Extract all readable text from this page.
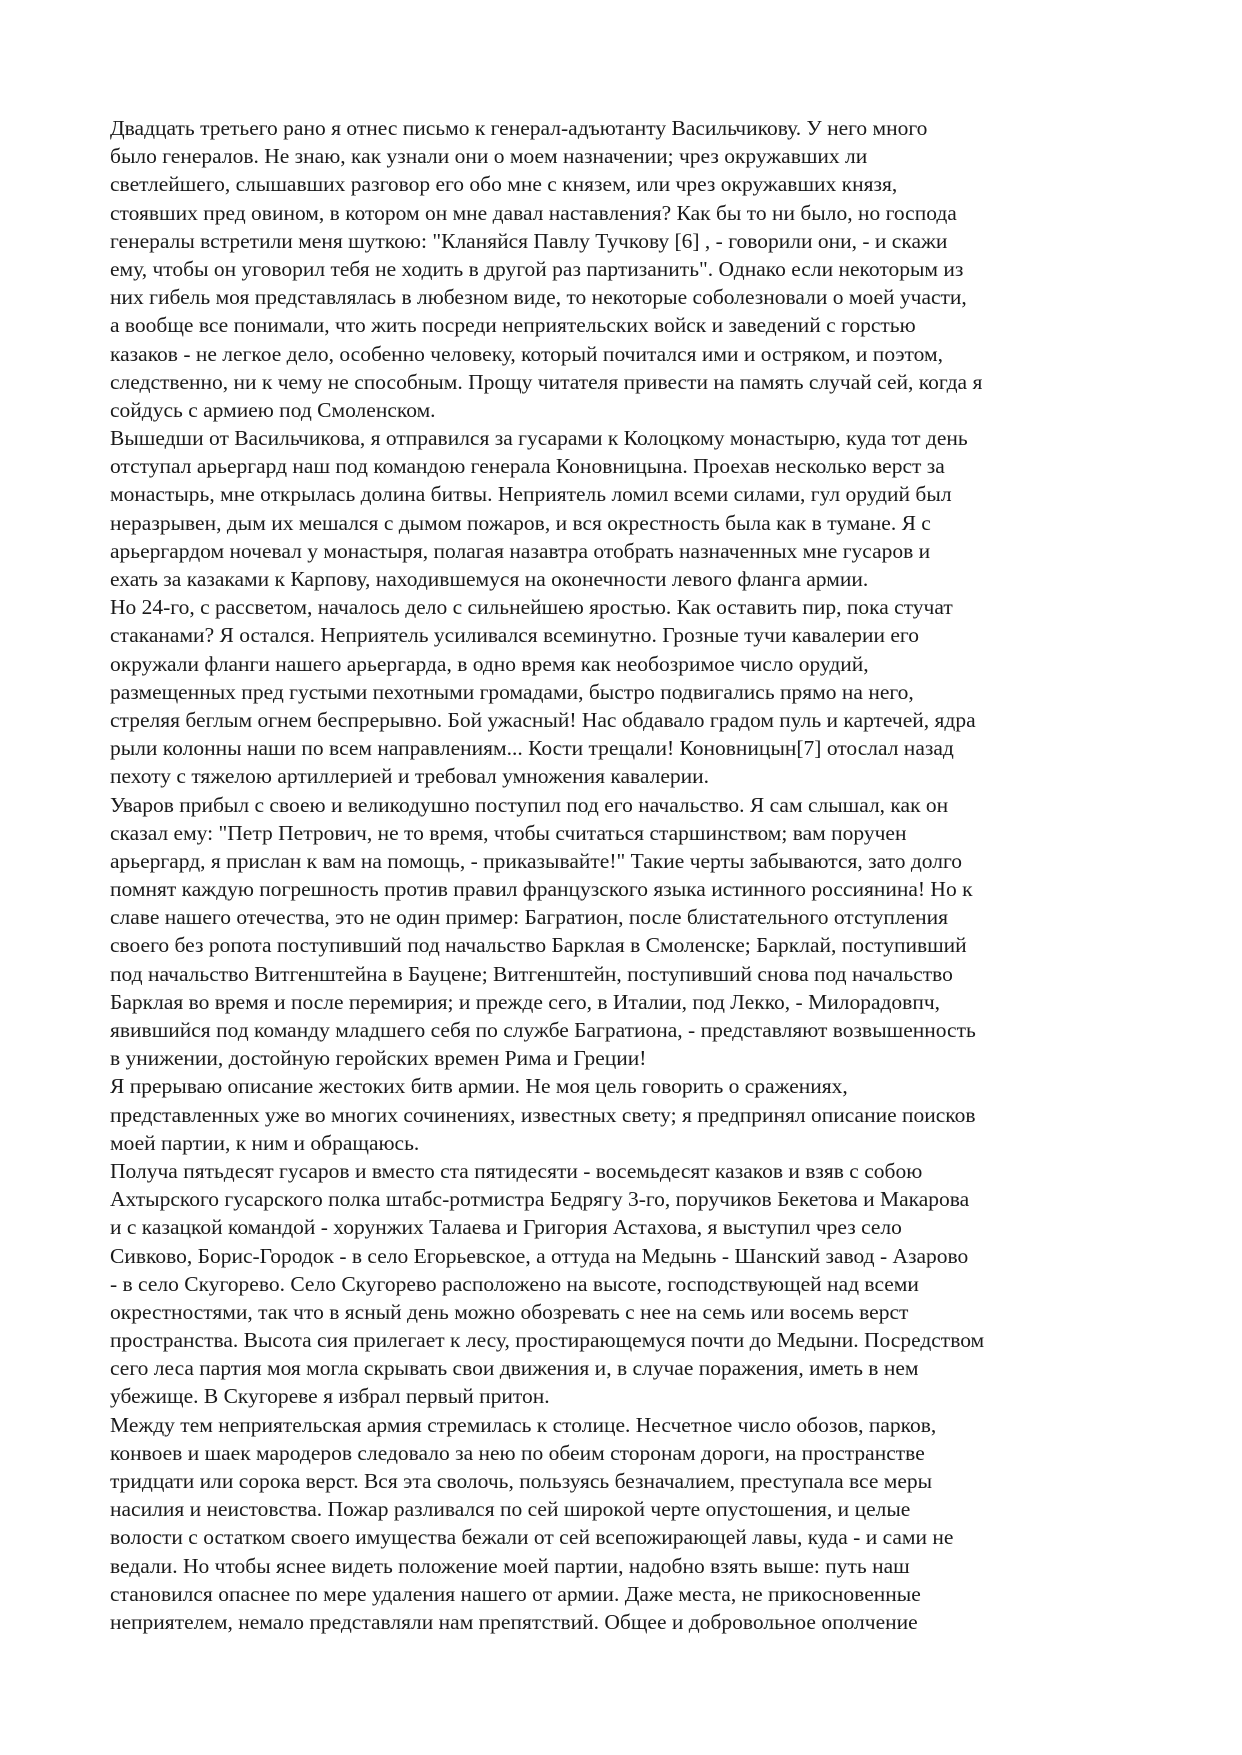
Двадцать третьего рано я отнес письмо к генерал-адъютанту Васильчикову. У него много
было генералов. Не знаю, как узнали они о моем назначении; чрез окружавших ли
светлейшего, слышавших разговор его обо мне с князем, или чрез окружавших князя,
стоявших пред овином, в котором он мне давал наставления? Как бы то ни было, но господа
генералы встретили меня шуткою: "Кланяйся Павлу Тучкову [6] , - говорили они, - и скажи
ему, чтобы он уговорил тебя не ходить в другой раз партизанить". Однако если некоторым из
них гибель моя представлялась в любезном виде, то некоторые соболезновали о моей участи,
а вообще все понимали, что жить посреди неприятельских войск и заведений с горстью
казаков - не легкое дело, особенно человеку, который почитался ими и остряком, и поэтом,
следственно, ни к чему не способным. Прощу читателя привести на память случай сей, когда я
сойдусь с армиею под Смоленском.
Вышедши от Васильчикова, я отправился за гусарами к Колоцкому монастырю, куда тот день
отступал арьергард наш под командою генерала Коновницына. Проехав несколько верст за
монастырь, мне открылась долина битвы. Неприятель ломил всеми силами, гул орудий был
неразрывен, дым их мешался с дымом пожаров, и вся окрестность была как в тумане. Я с
арьергардом ночевал у монастыря, полагая назавтра отобрать назначенных мне гусаров и
ехать за казаками к Карпову, находившемуся на оконечности левого фланга армии.
Но 24-го, с рассветом, началось дело с сильнейшею яростью. Как оставить пир, пока стучат
стаканами? Я остался. Неприятель усиливался всеминутно. Грозные тучи кавалерии его
окружали фланги нашего арьергарда, в одно время как необозримое число орудий,
размещенных пред густыми пехотными громадами, быстро подвигались прямо на него,
стреляя беглым огнем беспрерывно. Бой ужасный! Нас обдавало градом пуль и картечей, ядра
рыли колонны наши по всем направлениям... Кости трещали! Коновницын[7] отослал назад
пехоту с тяжелою артиллерией и требовал умножения кавалерии.
Уваров прибыл с своею и великодушно поступил под его начальство. Я сам слышал, как он
сказал ему: "Петр Петрович, не то время, чтобы считаться старшинством; вам поручен
арьергард, я прислан к вам на помощь, - приказывайте!" Такие черты забываются, зато долго
помнят каждую погрешность против правил французского языка истинного россиянина! Но к
славе нашего отечества, это не один пример: Багратион, после блистательного отступления
своего без ропота поступивший под начальство Барклая в Смоленске; Барклай, поступивший
под начальство Витгенштейна в Бауцене; Витгенштейн, поступивший снова под начальство
Барклая во время и после перемирия; и прежде сего, в Италии, под Лекко, - Милорадовпч,
явившийся под команду младшего себя по службе Багратиона, - представляют возвышенность
в унижении, достойную геройских времен Рима и Греции!
Я прерываю описание жестоких битв армии. Не моя цель говорить о сражениях,
представленных уже во многих сочинениях, известных свету; я предпринял описание поисков
моей партии, к ним и обращаюсь.
Получа пятьдесят гусаров и вместо ста пятидесяти - восемьдесят казаков и взяв с собою
Ахтырского гусарского полка штабс-ротмистра Бедрягу 3-го, поручиков Бекетова и Макарова
и с казацкой командой - хорунжих Талаева и Григория Астахова, я выступил чрез село
Сивково, Борис-Городок - в село Егорьевское, а оттуда на Медынь - Шанский завод - Азарово
- в село Скугорево. Село Скугорево расположено на высоте, господствующей над всеми
окрестностями, так что в ясный день можно обозревать с нее на семь или восемь верст
пространства. Высота сия прилегает к лесу, простирающемуся почти до Медыни. Посредством
сего леса партия моя могла скрывать свои движения и, в случае поражения, иметь в нем
убежище. В Скугореве я избрал первый притон.
Между тем неприятельская армия стремилась к столице. Несчетное число обозов, парков,
конвоев и шаек мародеров следовало за нею по обеим сторонам дороги, на пространстве
тридцати или сорока верст. Вся эта сволочь, пользуясь безначалием, преступала все меры
насилия и неистовства. Пожар разливался по сей широкой черте опустошения, и целые
волости с остатком своего имущества бежали от сей всепожирающей лавы, куда - и сами не
ведали. Но чтобы яснее видеть положение моей партии, надобно взять выше: путь наш
становился опаснее по мере удаления нашего от армии. Даже места, не прикосновенные
неприятелем, немало представляли нам препятствий. Общее и добровольное ополчение
